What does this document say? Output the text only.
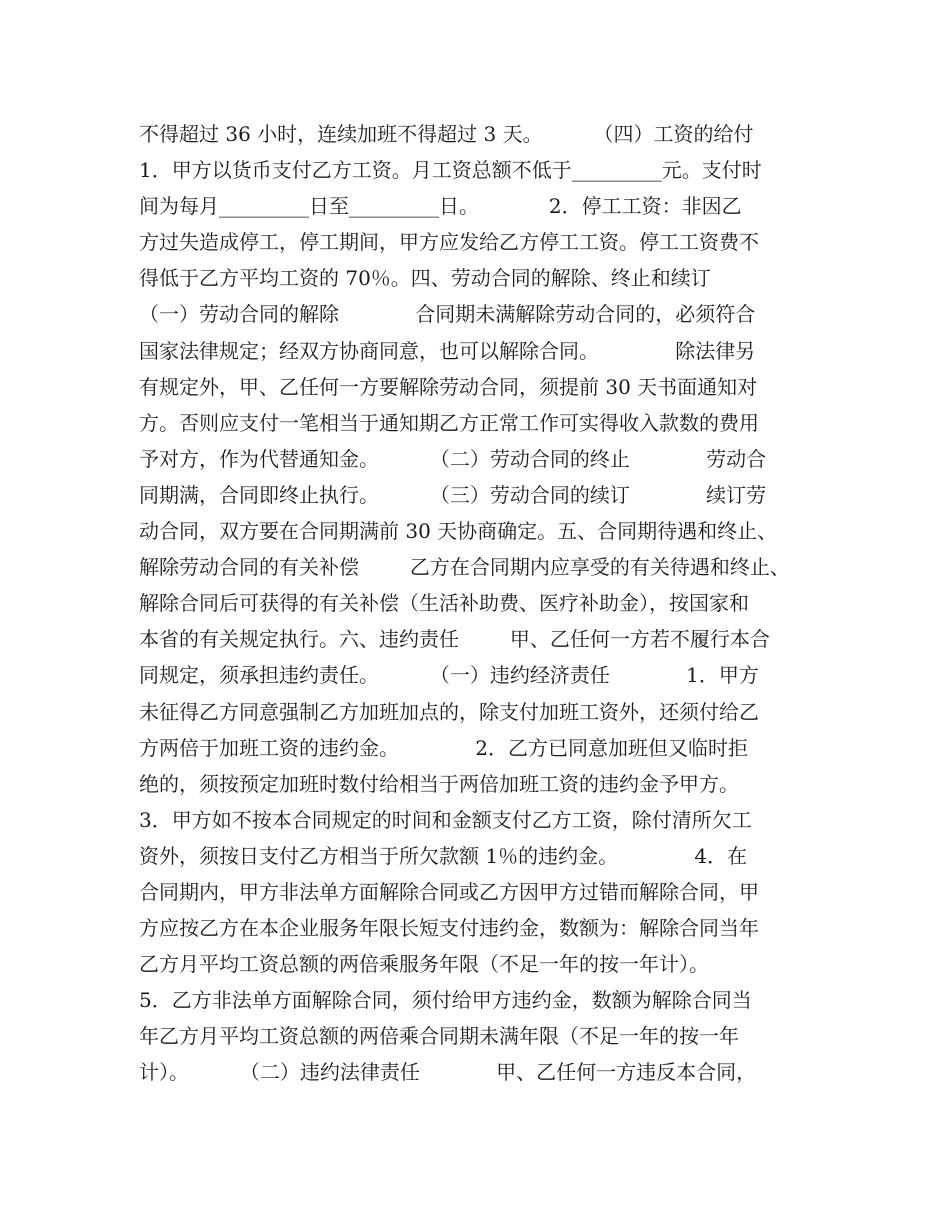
不得超过 36 小时，连续加班不得超过 3 天。        （四）工资的给付
1．甲方以货币支付乙方工资。月工资总额不低于_________元。支付时
间为每月_________日至_________日。           2．停工工资：非因乙
方过失造成停工，停工期间，甲方应发给乙方停工工资。停工工资费不
得低于乙方平均工资的 70％。四、劳动合同的解除、终止和续订
（一）劳动合同的解除            合同期未满解除劳动合同的，必须符合
国家法律规定；经双方协商同意，也可以解除合同。            除法律另
有规定外，甲、乙任何一方要解除劳动合同，须提前 30 天书面通知对
方。否则应支付一笔相当于通知期乙方正常工作可实得收入款数的费用
予对方，作为代替通知金。        （二）劳动合同的终止            劳动合
同期满，合同即终止执行。        （三）劳动合同的续订            续订劳
动合同，双方要在合同期满前 30 天协商确定。五、合同期待遇和终止、
解除劳动合同的有关补偿        乙方在合同期内应享受的有关待遇和终止、
解除合同后可获得的有关补偿（生活补助费、医疗补助金），按国家和
本省的有关规定执行。六、违约责任        甲、乙任何一方若不履行本合
同规定，须承担违约责任。        （一）违约经济责任            1．甲方
未征得乙方同意强制乙方加班加点的，除支付加班工资外，还须付给乙
方两倍于加班工资的违约金。            2．乙方已同意加班但又临时拒
绝的，须按预定加班时数付给相当于两倍加班工资的违约金予甲方。
3．甲方如不按本合同规定的时间和金额支付乙方工资，除付清所欠工
资外，须按日支付乙方相当于所欠款额 1％的违约金。            4．在
合同期内，甲方非法单方面解除合同或乙方因甲方过错而解除合同，甲
方应按乙方在本企业服务年限长短支付违约金，数额为：解除合同当年
乙方月平均工资总额的两倍乘服务年限（不足一年的按一年计）。
5．乙方非法单方面解除合同，须付给甲方违约金，数额为解除合同当
年乙方月平均工资总额的两倍乘合同期未满年限（不足一年的按一年
计）。        （二）违约法律责任            甲、乙任何一方违反本合同，
